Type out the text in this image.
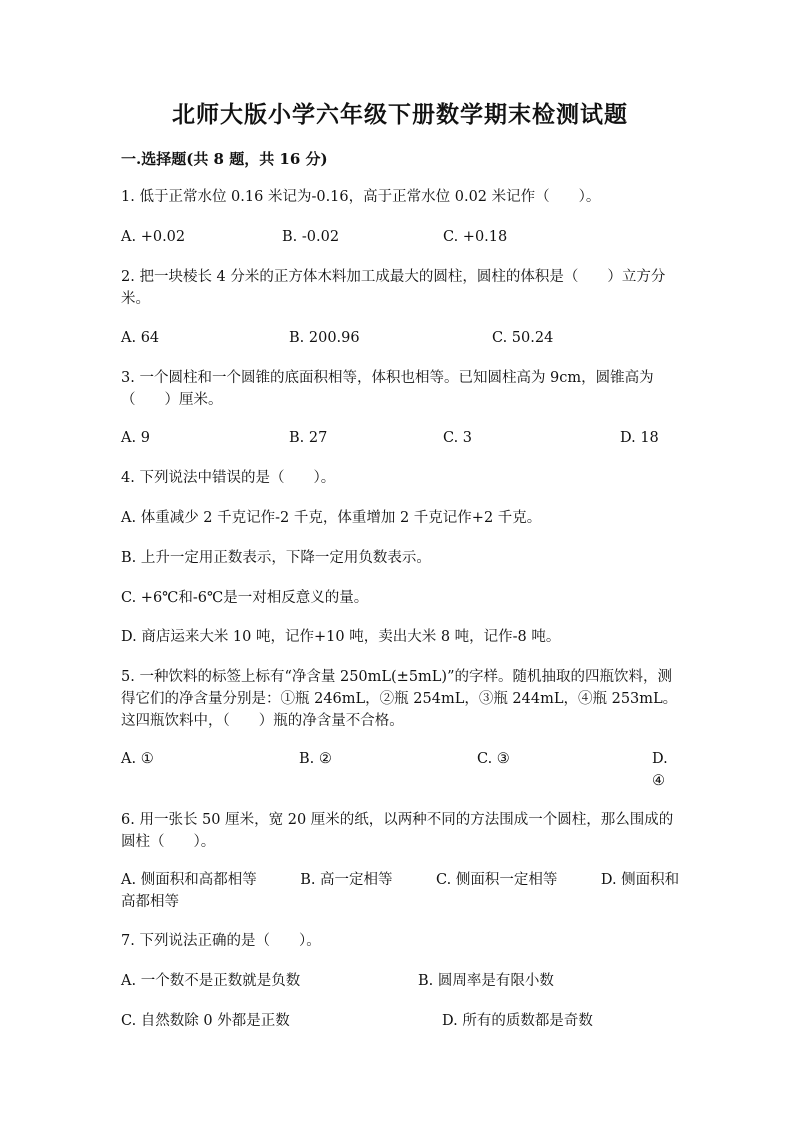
北师大版小学六年级下册数学期末检测试题
一.选择题(共 8 题，共 16 分)
1. 低于正常水位 0.16 米记为-0.16，高于正常水位 0.02 米记作（　　）。
A. +0.02	B. -0.02	C. +0.18
2. 把一块棱长 4 分米的正方体木料加工成最大的圆柱，圆柱的体积是（　　）立方分米。
A. 64	B. 200.96	C. 50.24
3. 一个圆柱和一个圆锥的底面积相等，体积也相等。已知圆柱高为 9cm，圆锥高为（　　）厘米。
A. 9	B. 27	C. 3	D. 18
4. 下列说法中错误的是（　　）。
A. 体重减少 2 千克记作-2 千克，体重增加 2 千克记作+2 千克。
B. 上升一定用正数表示，下降一定用负数表示。
C. +6℃和-6℃是一对相反意义的量。
D. 商店运来大米 10 吨，记作+10 吨，卖出大米 8 吨，记作-8 吨。
5. 一种饮料的标签上标有“净含量 250mL(±5mL)”的字样。随机抽取的四瓶饮料，测得它们的净含量分别是：①瓶 246mL，②瓶 254mL，③瓶 244mL，④瓶 253mL。这四瓶饮料中，（　　）瓶的净含量不合格。
A. ①	B. ②	C. ③	D. ④
6. 用一张长 50 厘米，宽 20 厘米的纸，以两种不同的方法围成一个圆柱，那么围成的圆柱（　　）。
A. 侧面积和高都相等　　　B. 高一定相等　　　C. 侧面积一定相等　　　D. 侧面积和高都相等
7. 下列说法正确的是（　　）。
A. 一个数不是正数就是负数	B. 圆周率是有限小数
C. 自然数除 0 外都是正数	D. 所有的质数都是奇数
